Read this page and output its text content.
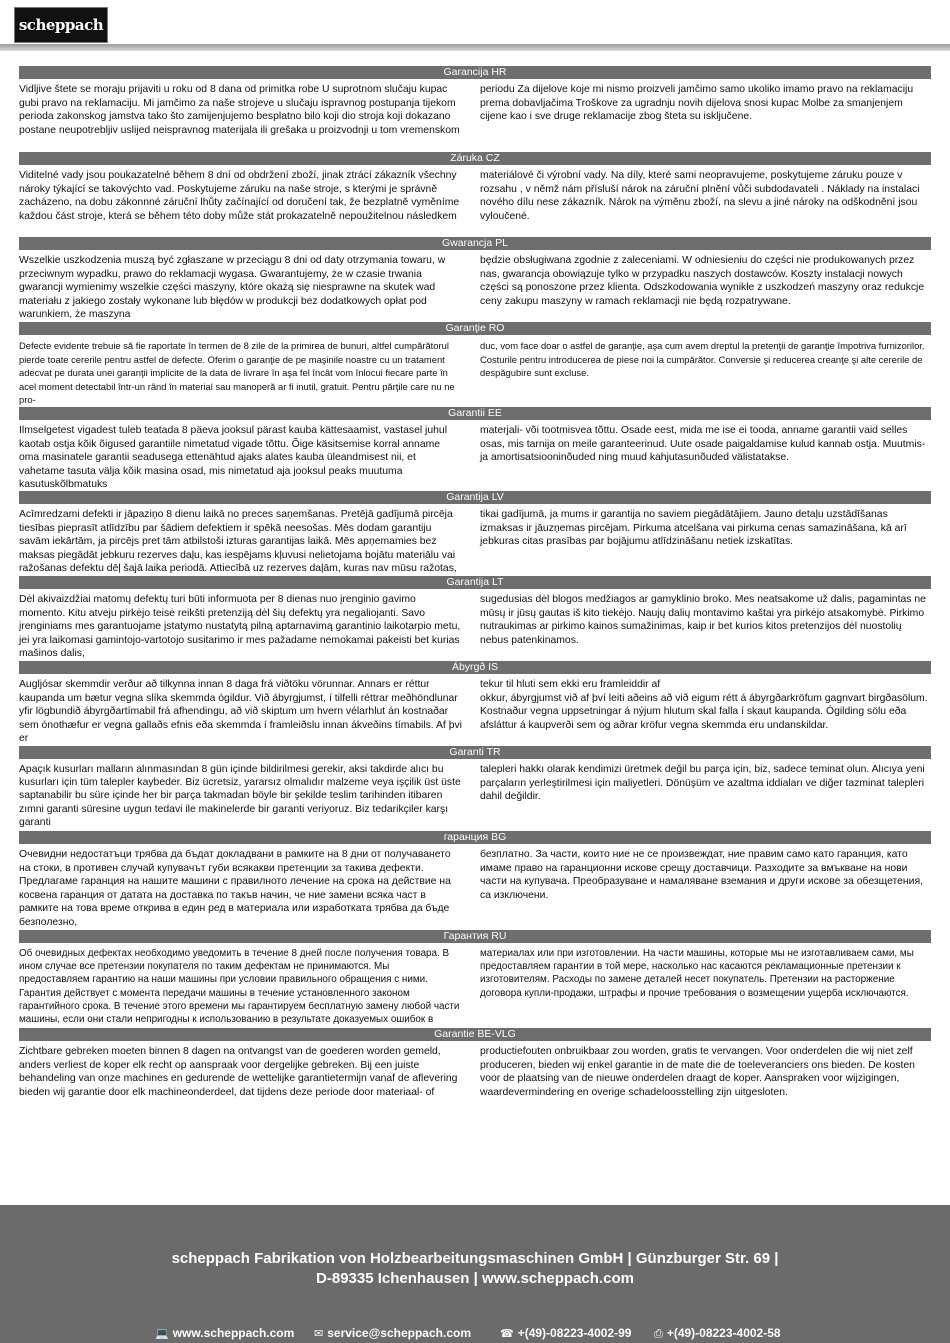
scheppach
Garancija HR
Vidljive štete se moraju prijaviti u roku od 8 dana od primitka robe U suprotnom slučaju kupac gubi pravo na reklamaciju. Mi jamčimo za naše strojeve u slučaju ispravnog postupanja tijekom perioda zakonskog jamstva tako što zamijenjujemo besplatno bilo koji dio stroja koji dokazano postane neupotrebljiv uslijed neispravnog materijala ili grešaka u proizvodnji u tom vremenskom
periodu Za dijelove koje mi nismo proizveli jamčimo samo ukoliko imamo pravo na reklamaciju prema dobavljačima Troškove za ugradnju novih dijelova snosi kupac Molbe za smanjenjem cijene kao i sve druge reklamacije zbog šteta su isključene.
Záruka CZ
Viditelné vady jsou poukazatelné během 8 dní od obdržení zboží, jinak ztrácí zákazník všechny nároky týkající se takovýchto vad. Poskytujeme záruku na naše stroje, s kterými je správně zacházeno, na dobu zákonnné záruční lhůty začínající od doručení tak, že bezplatně vyměníme každou část stroje, která se během této doby může stát prokazatelně nepoužitelnou následkem
materiálové či výrobní vady. Na díly, které sami neopravujeme, poskytujeme záruku pouze v rozsahu , v němž nám přísluší nárok na záruční plnění vůči subdodavateli . Náklady na instalaci nového dílu nese zákazník. Nárok na výměnu zboží, na slevu a jiné nároky na odškodnění jsou vyloučené.
Gwarancja PL
Wszelkie uszkodzenia muszą być zgłaszane w przeciągu 8 dni od daty otrzymania towaru, w przeciwnym wypadku, prawo do reklamacji wygasa. Gwarantujemy, że w czasie trwania gwarancji wymienimy wszelkie części maszyny, które okażą się niesprawne na skutek wad materiału z jakiego zostały wykonane lub błędów w produkcji bez dodatkowych opłat pod warunkiem, że maszyna
będzie obsługiwana zgodnie z zaleceniami. W odniesieniu do części nie produkowanych przez nas, gwarancja obowiązuje tylko w przypadku naszych dostawców. Koszty instalacji nowych części są ponoszone przez klienta. Odszkodowania wynikłe z uszkodzeń maszyny oraz redukcje ceny zakupu maszyny w ramach reklamacji nie będą rozpatrywane.
Garanţie RO
Defecte evidente trebuie să fie raportate în termen de 8 zile de la primirea de bunuri, altfel cumpărătorul pierde toate cererile pentru astfel de defecte. Oferim o garanţie de pe maşinile noastre cu un tratament adecvat pe durata unei garanţii implicite de la data de livrare în aşa fel încât vom înlocui fiecare parte în acel moment detectabil într-un rând în material sau manoperă ar fi inutil, gratuit. Pentru părţile care nu ne pro-
duc, vom face doar o astfel de garanţie, aşa cum avem dreptul la pretenţii de garanţie împotriva furnizorilor. Costurile pentru introducerea de piese noi la cumpărător. Conversie şi reducerea creanţe şi alte cererile de despăgubire sunt excluse.
Garantii EE
Ilmselgetest vigadest tuleb teatada 8 päeva jooksul pärast kauba kättesaamist, vastasel juhul kaotab ostja kõik õigused garantiile nimetatud vigade tõttu. Õige käsitsemise korral anname oma masinatele garantii seadusega ettenähtud ajaks alates kauba üleandmisest nii, et vahetame tasuta välja kõik masina osad, mis nimetatud aja jooksul peaks muutuma kasutuskõlbmatuks
materjali- või tootmisvea tõttu. Osade eest, mida me ise ei tooda, anname garantii vaid selles osas, mis tarnija on meile garanteerinud. Uute osade paigaldamise kulud kannab ostja. Muutmis- ja amortisatsiooninõuded ning muud kahjutasunõuded välistatakse.
Garantija LV
Acīmredzami defekti ir jāpaziņo 8 dienu laikā no preces saņemšanas. Pretējā gadījumā pircēja tiesības pieprasīt atlīdzību par šādiem defektiem ir spēkā neesošas. Mēs dodam garantiju savām iekārtām, ja pircējs pret tām atbilstoši izturas garantijas laikā. Mēs apņemamies bez maksas piegādāt jebkuru rezerves daļu, kas iespējams kļuvusi nelietojama bojātu materiālu vai ražošanas defektu dēļ šajā laika periodā. Attiecībā uz rezerves daļām, kuras nav mūsu ražotas,
tikai gadījumā, ja mums ir garantija no saviem piegādātājiem. Jauno detaļu uzstādīšanas izmaksas ir jāuzņemas pircējam. Pirkuma atcelšana vai pirkuma cenas samazināšana, kā arī jebkuras citas prasības par bojājumu atlīdzināšanu netiek izskatītas.
Garantija LT
Dėl akivaizdžiai matomų defektų turi būti informuota per 8 dienas nuo įrenginio gavimo momento. Kitu atveju pirkėjo teisė reikšti pretenziją dėl šių defektų yra negaliojanti. Savo įrenginiams mes garantuojame įstatymo nustatytą pilną aptarnavimą garantinio laikotarpio metu, jei yra laikomasi gamintojo-vartotojo susitarimo ir mes pažadame nemokamai pakeisti bet kurias mašinos dalis,
sugedusias dėl blogos medžiagos ar gamyklinio broko. Mes neatsakome už dalis, pagamintas ne mūsų ir jūsų gautas iš kito tiekėjo. Naujų dalių montavimo kaštai yra pirkėjo atsakomybė. Pirkimo nutraukimas ar pirkimo kainos sumažinimas, kaip ir bet kurios kitos pretenzijos dėl nuostolių nebus patenkinamos.
Ábyrgð IS
Augljósar skemmdir verður að tilkynna innan 8 daga frá viðtöku vörunnar. Annars er réttur kaupanda um bætur vegna slíka skemmda ógildur. Við ábyrgjumst, í tilfelli réttrar meðhöndlunar yfir lögbundið ábyrgðartímabil frá afhendingu, að við skiptum um hvern vélarhlut án kostnaðar sem ónothæfur er vegna gallaðs efnis eða skemmda í framleiðslu innan ákveðins tímabils. Af þvi er
tekur til hluti sem ekki eru framleiddir af
okkur, ábyrgjumst við af því leiti aðeins að við eigum rétt á ábyrgðarkröfum gagnvart birgðasölum. Kostnaður vegna uppsetningar á nýjum hlutum skal falla í skaut kaupanda. Ógilding sölu eða afsláttur á kaupverði sem og aðrar kröfur vegna skemmda eru undanskildar.
Garanti TR
Apaçık kusurları malların alınmasından 8 gün içinde bildirilmesi gerekir, aksi takdirde alıcı bu kusurları için tüm talepler kaybeder. Biz ücretsiz, yararsız olmalıdır malzeme veya işçilik üst üste saptanabilir bu süre içinde her bir parça takmadan böyle bir şekilde teslim tarihinden itibaren zımni garanti süresine uygun tedavi ile makinelerde bir garanti veriyoruz. Biz tedarikçiler karşı garanti
talepleri hakkı olarak kendimizi üretmek değil bu parça için, biz, sadece teminat olun. Alıcıya yeni parçaların yerleştirilmesi için maliyetleri. Dönüşüm ve azaltma iddiaları ve diğer tazminat talepleri dahil değildir.
гаранция BG
Очевидни недостатъци трябва да бъдат докладвани в рамките на 8 дни от получаването на стоки, в противен случай купувачът губи всякакви претенции за такива дефекти. Предлагаме гаранция на нашите машини с правилното лечение на срока на действие на косвена гаранция от датата на доставка по такъв начин, че ние замени всяка част в рамките на това време открива в един ред в материала или изработката трябва да бъде безполезно,
безплатно. За части, които ние не се произвеждат, ние правим само като гаранция, като имаме право на гаранционни искове срещу доставчици. Разходите за вмъкване на нови части на купувача. Преобразуване и намаляване вземания и други искове за обезщетения, са изключени.
Гарантия RU
Об очевидных дефектах необходимо уведомить в течение 8 дней после получения товара. В ином случае все претензии покупателя по таким дефектам не принимаются. Мы предоставляем гарантию на наши машины при условии правильного обращения с ними. Гарантия действует с момента передачи машины в течение установленного законом гарантийного срока. В течение этого времени мы гарантируем бесплатную замену любой части машины, если они стали непригодны к использованию в результате доказуемых ошибок в
материалах или при изготовлении. На части машины, которые мы не изготавливаем сами, мы предоставляем гарантии в той мере, насколько нас касаются рекламационные претензии к изготовителям. Расходы по замене деталей несет покупатель. Претензии на расторжение договора купли-продажи, штрафы и прочие требования о возмещении ущерба исключаются.
Garantie BE-VLG
Zichtbare gebreken moeten binnen 8 dagen na ontvangst van de goederen worden gemeld, anders verliest de koper elk recht op aanspraak voor dergelijke gebreken. Bij een juiste behandeling van onze machines en gedurende de wettelijke garantietermijn vanaf de aflevering bieden wij garantie door elk machineonderdeel, dat tijdens deze periode door materiaal- of
productiefouten onbruikbaar zou worden, gratis te vervangen. Voor onderdelen die wij niet zelf produceren, bieden wij enkel garantie in de mate die de toeleveranciers ons bieden. De kosten voor de plaatsing van de nieuwe onderdelen draagt de koper. Aanspraken voor wijzigingen, waardevermindering en overige schadeloosstelling zijn uitgesloten.
scheppach Fabrikation von Holzbearbeitungsmaschinen GmbH | Günzburger Str. 69 |
D-89335 Ichenhausen | www.scheppach.com
💻 www.scheppach.com ✉ service@scheppach.com	☎ +(49)-08223-4002-99 ⎙ +(49)-08223-4002-58
